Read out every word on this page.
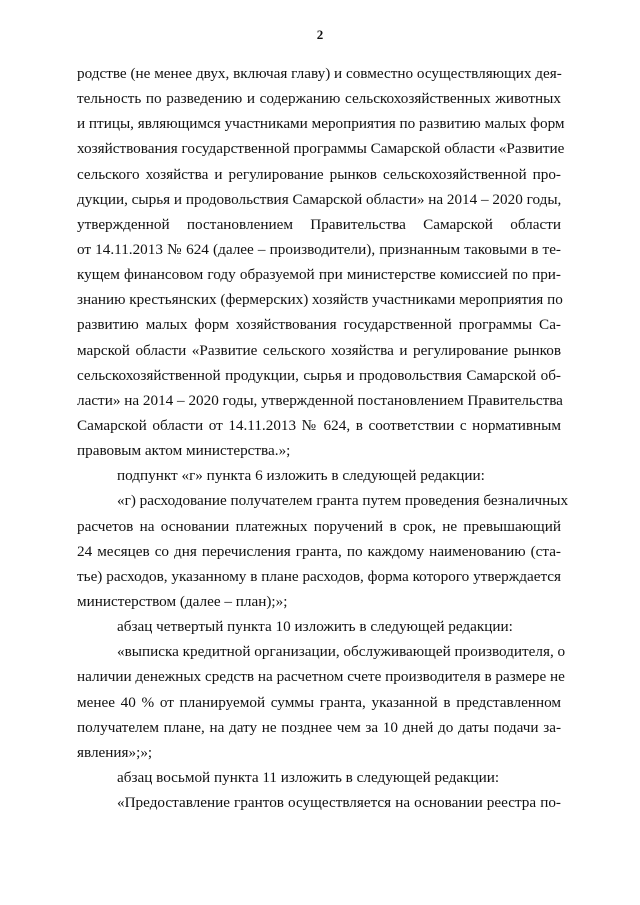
2
родстве (не менее двух, включая главу) и совместно осуществляющих дея-
тельность по разведению и содержанию сельскохозяйственных животных
и птицы, являющимся участниками мероприятия по развитию малых форм
хозяйствования государственной программы Самарской области «Развитие
сельского хозяйства и регулирование рынков сельскохозяйственной про-
дукции, сырья и продовольствия Самарской области» на 2014 – 2020 годы,
утвержденной постановлением Правительства Самарской области
от 14.11.2013 № 624 (далее – производители), признанным таковыми в те-
кущем финансовом году образуемой при министерстве комиссией по при-
знанию крестьянских (фермерских) хозяйств участниками мероприятия по
развитию малых форм хозяйствования государственной программы Са-
марской области «Развитие сельского хозяйства и регулирование рынков
сельскохозяйственной продукции, сырья и продовольствия Самарской об-
ласти» на 2014 – 2020 годы, утвержденной постановлением Правительства
Самарской области от 14.11.2013 № 624, в соответствии с нормативным
правовым актом министерства.»;
подпункт «г» пункта 6 изложить в следующей редакции:
«г) расходование получателем гранта путем проведения безналичных
расчетов на основании платежных поручений в срок, не превышающий
24 месяцев со дня перечисления гранта, по каждому наименованию (ста-
тье) расходов, указанному в плане расходов, форма которого утверждается
министерством (далее – план);»;
абзац четвертый пункта 10 изложить в следующей редакции:
«выписка кредитной организации, обслуживающей производителя, о
наличии денежных средств на расчетном счете производителя в размере не
менее 40 % от планируемой суммы гранта, указанной в представленном
получателем плане, на дату не позднее чем за 10 дней до даты подачи за-
явления»;»;
абзац восьмой пункта 11 изложить в следующей редакции:
«Предоставление грантов осуществляется на основании реестра по-
